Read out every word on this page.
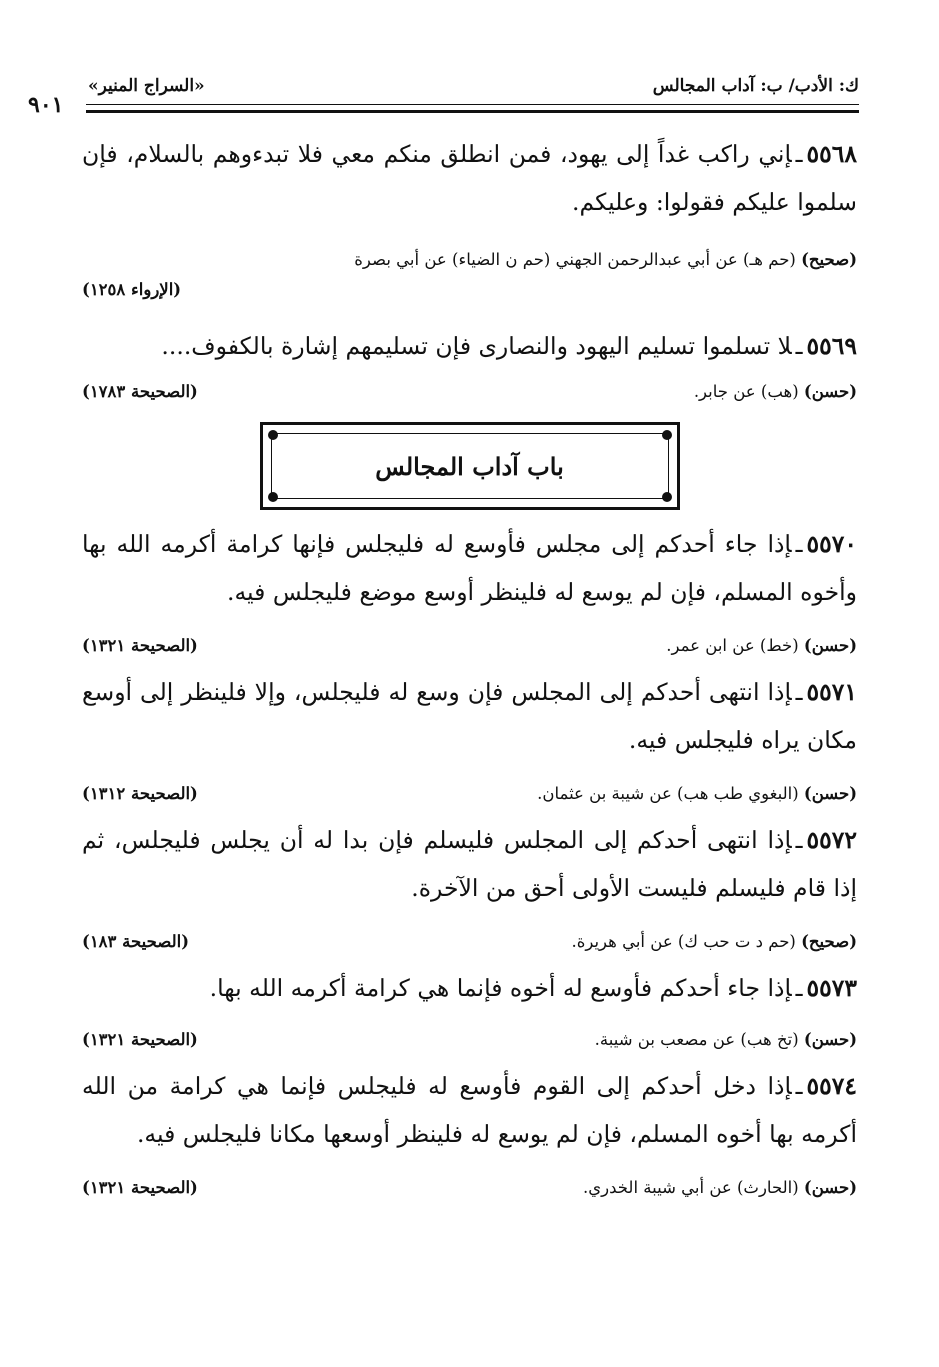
ك: الأدب/ ب: آداب المجالس
«السراج المنير»
٩٠١

٥٥٦٨ـإني راكب غداً إلى يهود، فمن انطلق منكم معي فلا تبدءوهم بالسلام، فإن سلموا عليكم فقولوا: وعليكم.

(صحيح) (حم هـ) عن أبي عبدالرحمن الجهني (حم ن الضياء) عن أبي بصرة
(الإرواء ١٢٥٨)

٥٥٦٩ـلا تسلموا تسليم اليهود والنصارى فإن تسليمهم إشارة بالكفوف....

(حسن) (هب) عن جابر.
(الصحيحة ١٧٨٣)
باب آداب المجالس

٥٥٧٠ـإذا جاء أحدكم إلى مجلس فأوسع له فليجلس فإنها كرامة أكرمه الله بها وأخوه المسلم، فإن لم يوسع له فلينظر أوسع موضع فليجلس فيه.

(حسن) (خط) عن ابن عمر.
(الصحيحة ١٣٢١)

٥٥٧١ـإذا انتهى أحدكم إلى المجلس فإن وسع له فليجلس، وإلا فلينظر إلى أوسع مكان يراه فليجلس فيه.

(حسن) (البغوي طب هب) عن شيبة بن عثمان.
(الصحيحة ١٣١٢)

٥٥٧٢ـإذا انتهى أحدكم إلى المجلس فليسلم فإن بدا له أن يجلس فليجلس، ثم إذا قام فليسلم فليست الأولى أحق من الآخرة.

(صحيح) (حم د ت حب ك) عن أبي هريرة.
(الصحيحة ١٨٣)

٥٥٧٣ـإذا جاء أحدكم فأوسع له أخوه فإنما هي كرامة أكرمه الله بها.

(حسن) (تخ هب) عن مصعب بن شيبة.
(الصحيحة ١٣٢١)

٥٥٧٤ـإذا دخل أحدكم إلى القوم فأوسع له فليجلس فإنما هي كرامة من الله أكرمه بها أخوه المسلم، فإن لم يوسع له فلينظر أوسعها مكانا فليجلس فيه.

(حسن) (الحارث) عن أبي شيبة الخدري.
(الصحيحة ١٣٢١)
